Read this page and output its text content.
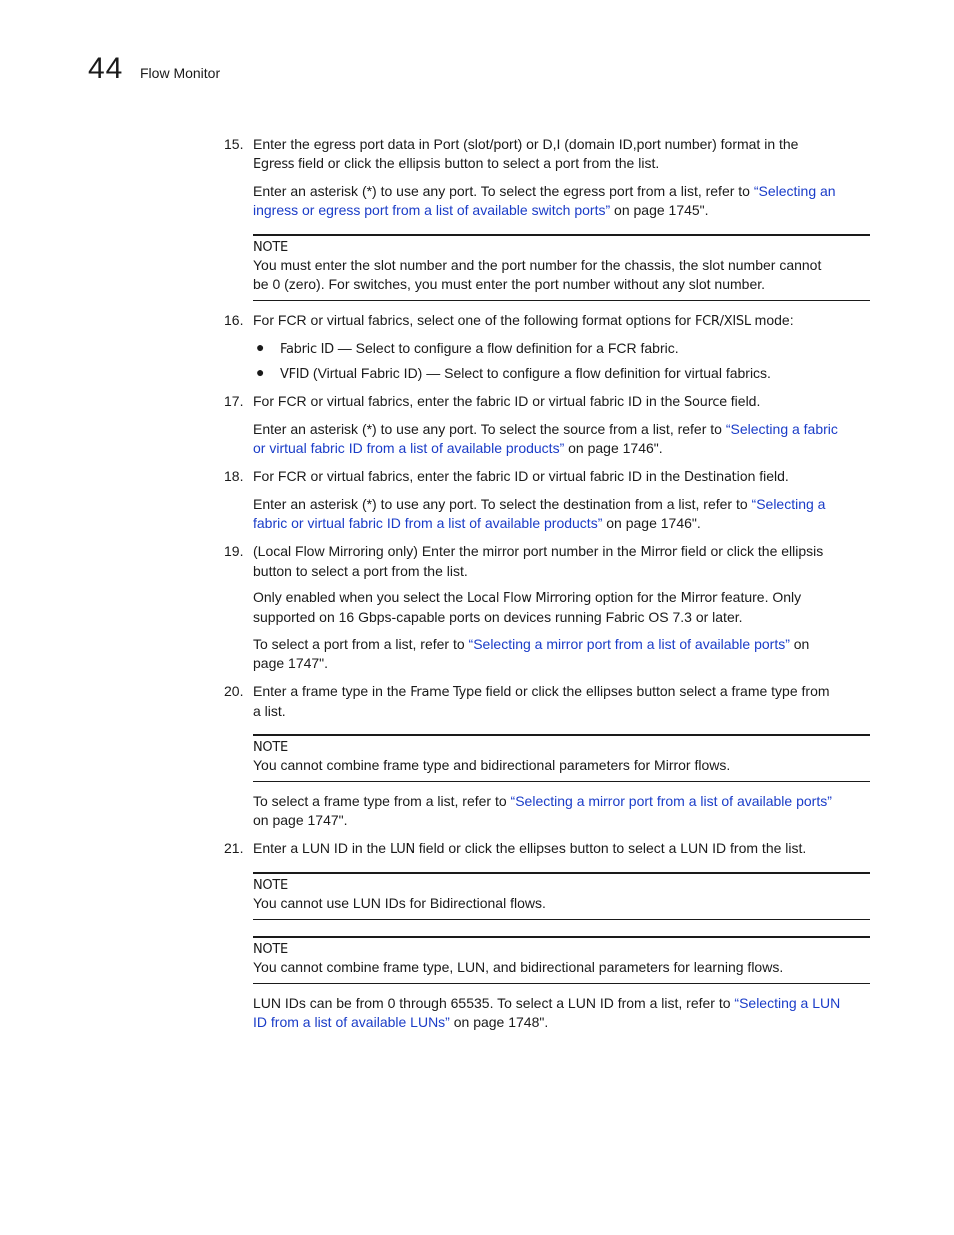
44 Flow Monitor
15. Enter the egress port data in Port (slot/port) or D,I (domain ID,port number) format in the
Egress field or click the ellipsis button to select a port from the list.
Enter an asterisk (*) to use any port. To select the egress port from a list, refer to “Selecting an
ingress or egress port from a list of available switch ports” on page 1745".
NOTE
You must enter the slot number and the port number for the chassis, the slot number cannot
be 0 (zero). For switches, you must enter the port number without any slot number.
16. For FCR or virtual fabrics, select one of the following format options for FCR/XISL mode:
● Fabric ID — Select to configure a flow definition for a FCR fabric.
● VFID (Virtual Fabric ID) — Select to configure a flow definition for virtual fabrics.
17. For FCR or virtual fabrics, enter the fabric ID or virtual fabric ID in the Source field.
Enter an asterisk (*) to use any port. To select the source from a list, refer to “Selecting a fabric
or virtual fabric ID from a list of available products” on page 1746".
18. For FCR or virtual fabrics, enter the fabric ID or virtual fabric ID in the Destination field.
Enter an asterisk (*) to use any port. To select the destination from a list, refer to “Selecting a
fabric or virtual fabric ID from a list of available products” on page 1746".
19. (Local Flow Mirroring only) Enter the mirror port number in the Mirror field or click the ellipsis
button to select a port from the list.
Only enabled when you select the Local Flow Mirroring option for the Mirror feature. Only
supported on 16 Gbps-capable ports on devices running Fabric OS 7.3 or later.
To select a port from a list, refer to “Selecting a mirror port from a list of available ports” on
page 1747".
20. Enter a frame type in the Frame Type field or click the ellipses button select a frame type from
a list.
NOTE
You cannot combine frame type and bidirectional parameters for Mirror flows.
To select a frame type from a list, refer to “Selecting a mirror port from a list of available ports”
on page 1747".
21. Enter a LUN ID in the LUN field or click the ellipses button to select a LUN ID from the list.
NOTE
You cannot use LUN IDs for Bidirectional flows.
NOTE
You cannot combine frame type, LUN, and bidirectional parameters for learning flows.
LUN IDs can be from 0 through 65535. To select a LUN ID from a list, refer to “Selecting a LUN
ID from a list of available LUNs” on page 1748".
